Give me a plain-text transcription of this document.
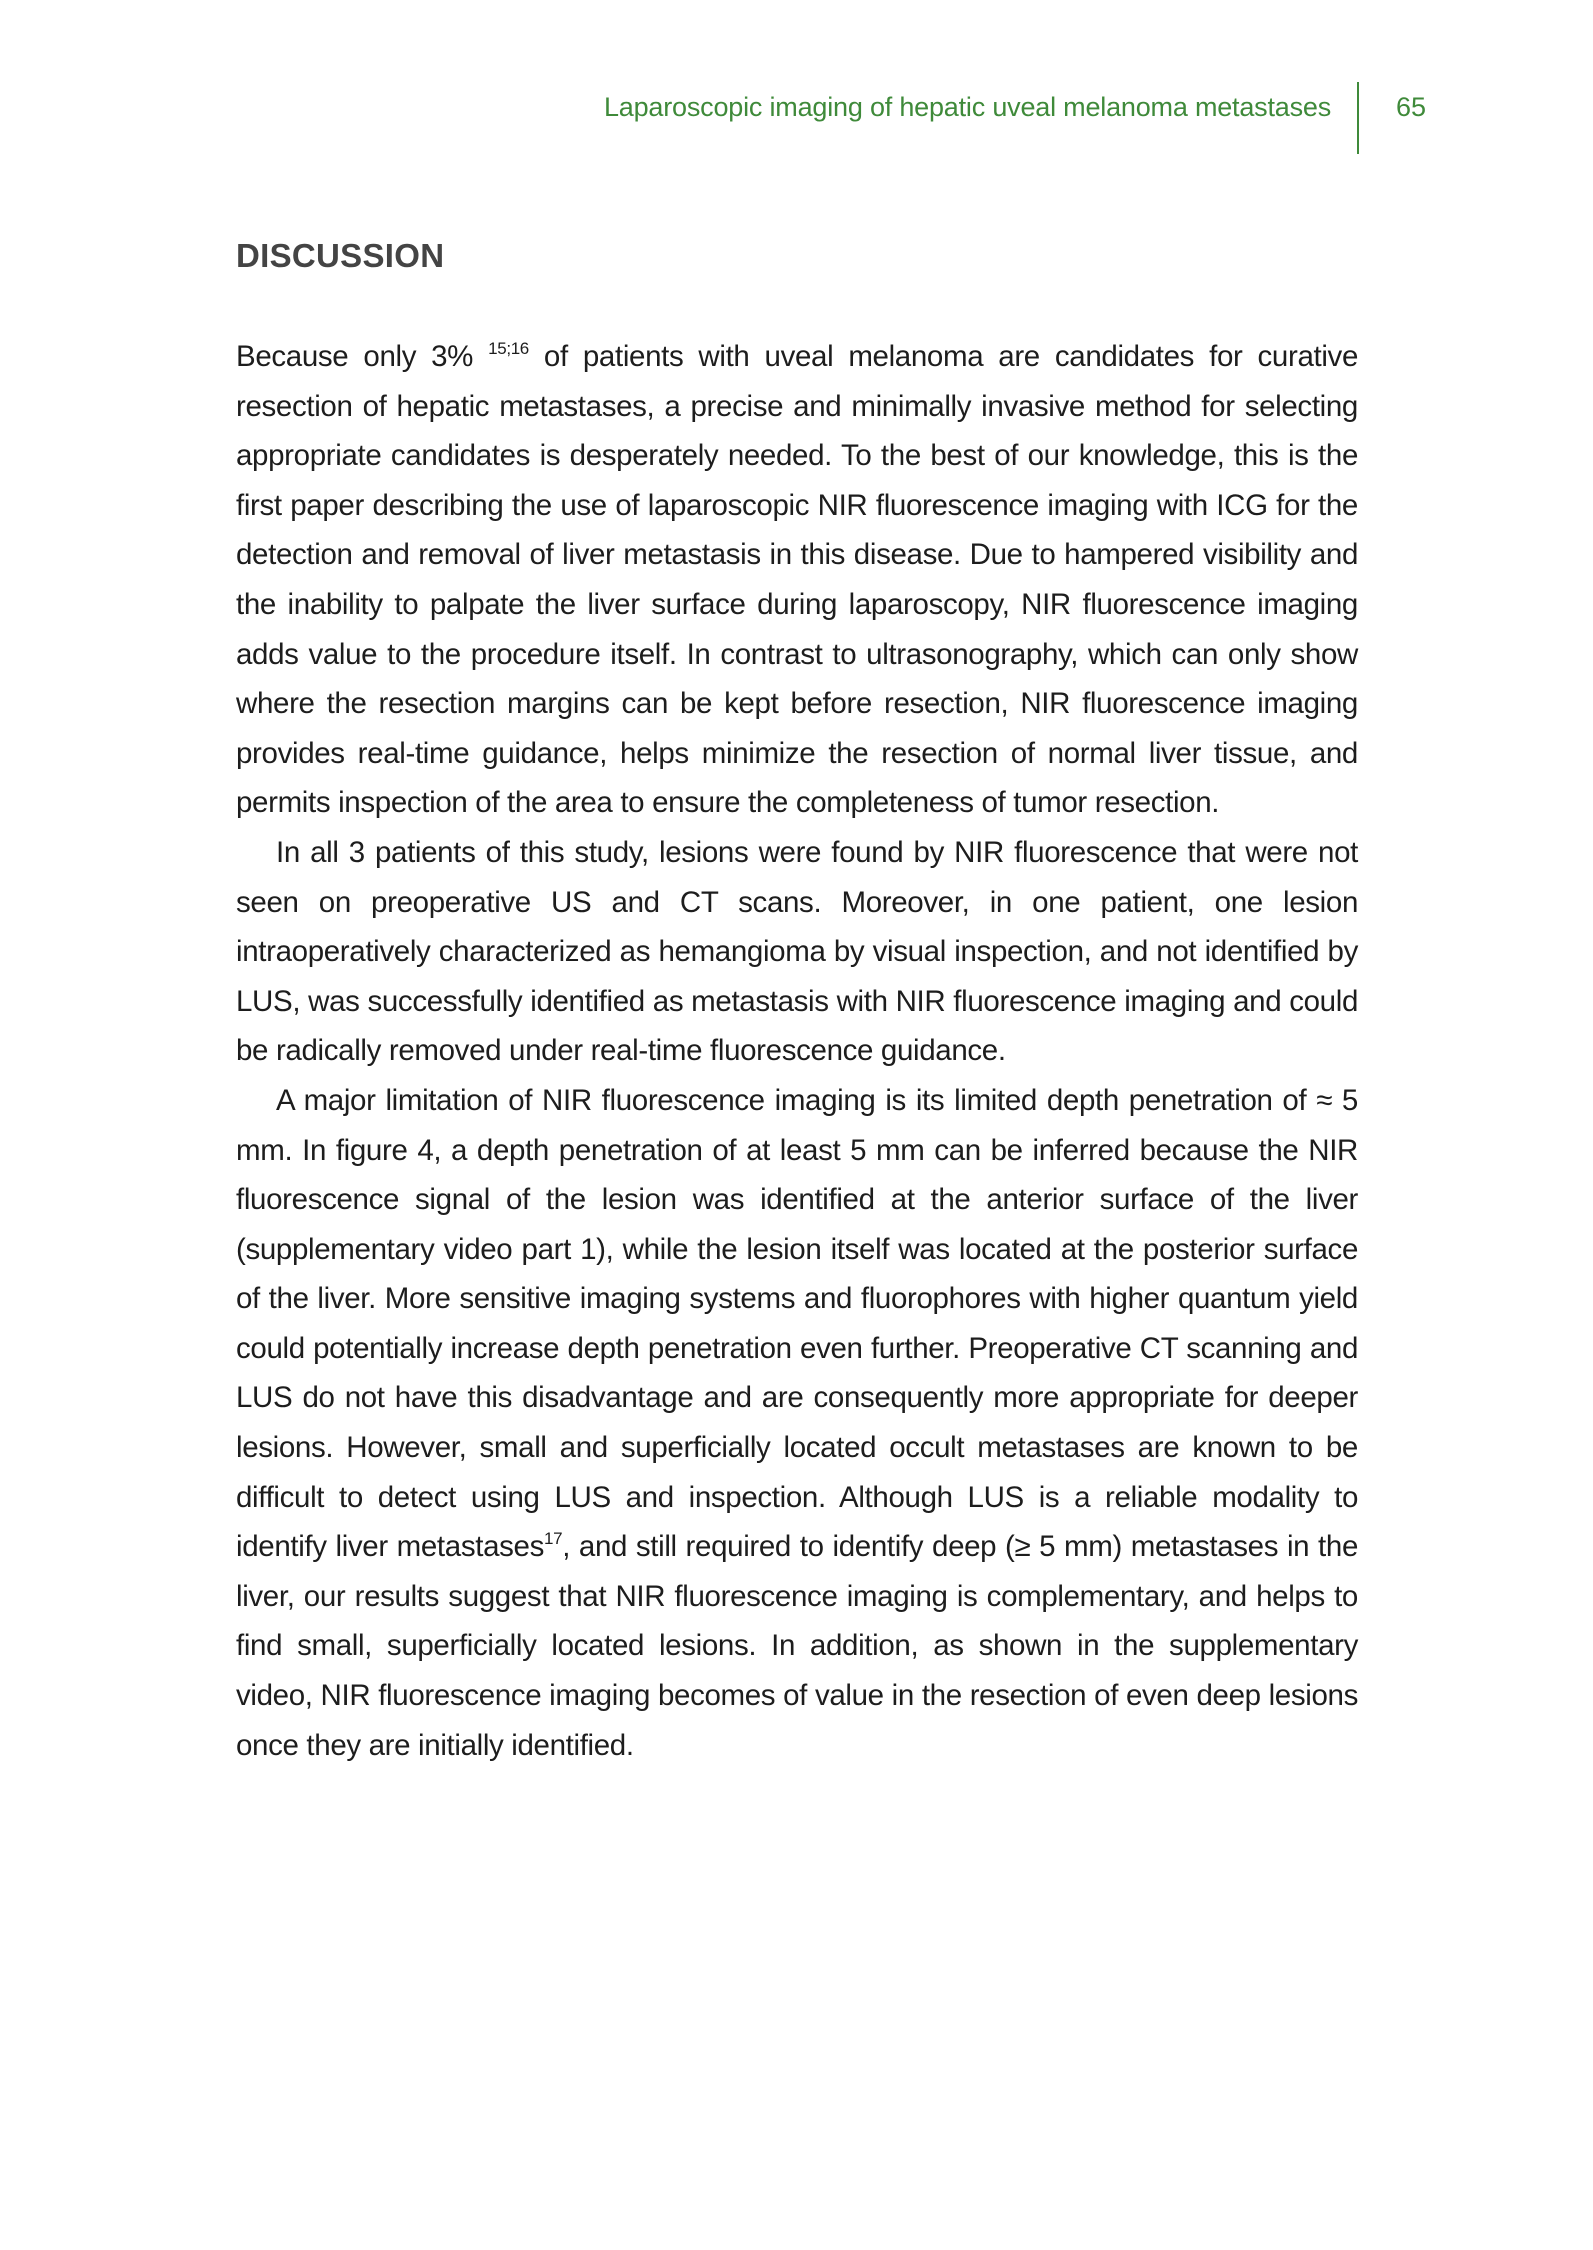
Laparoscopic imaging of hepatic uveal melanoma metastases 65
DISCUSSION

Because only 3% $^{15;16}$ of patients with uveal melanoma are candidates for curative resection of hepatic metastases, a precise and minimally invasive method for selecting appropriate candidates is desperately needed. To the best of our knowledge, this is the first paper describing the use of laparoscopic NIR fluorescence imaging with ICG for the detection and removal of liver metastasis in this disease. Due to hampered visibility and the inability to palpate the liver surface during laparoscopy, NIR fluorescence imaging adds value to the procedure itself. In contrast to ultrasonography, which can only show where the resection margins can be kept before resection, NIR fluorescence imaging provides real-time guidance, helps minimize the resection of normal liver tissue, and permits inspection of the area to ensure the completeness of tumor resection.

In all 3 patients of this study, lesions were found by NIR fluorescence that were not seen on preoperative US and CT scans. Moreover, in one patient, one lesion intraoperatively characterized as hemangioma by visual inspection, and not identified by LUS, was successfully identified as metastasis with NIR fluorescence imaging and could be radically removed under real-time fluorescence guidance.

A major limitation of NIR fluorescence imaging is its limited depth penetration of ≈ 5 mm. In figure 4, a depth penetration of at least 5 mm can be inferred because the NIR fluorescence signal of the lesion was identified at the anterior surface of the liver (supplementary video part 1), while the lesion itself was located at the posterior surface of the liver. More sensitive imaging systems and fluorophores with higher quantum yield could potentially increase depth penetration even further. Preoperative CT scanning and LUS do not have this disadvantage and are consequently more appropriate for deeper lesions. However, small and superficially located occult metastases are known to be difficult to detect using LUS and inspection. Although LUS is a reliable modality to identify liver metastases$^{17}$, and still required to identify deep (≥ 5 mm) metastases in the liver, our results suggest that NIR fluorescence imaging is complementary, and helps to find small, superficially located lesions. In addition, as shown in the supplementary video, NIR fluorescence imaging becomes of value in the resection of even deep lesions once they are initially identified.
